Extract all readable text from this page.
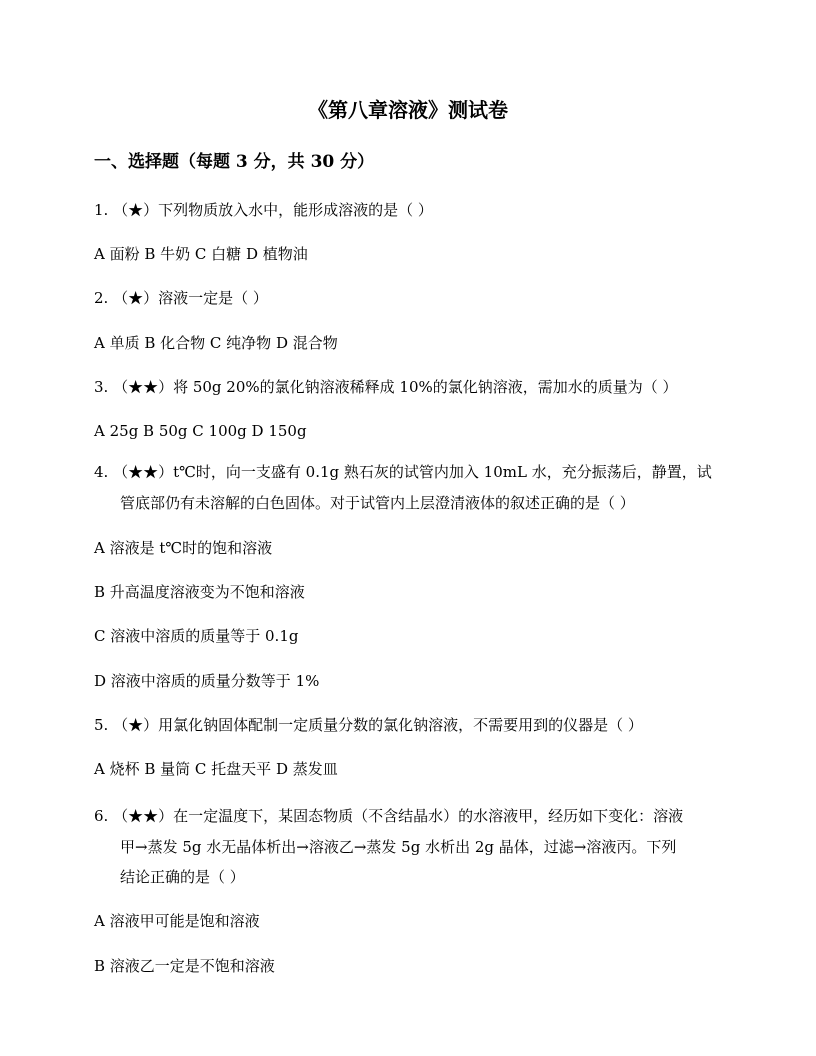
《第八章溶液》测试卷
一、选择题（每题 3 分，共 30 分）
1. （★）下列物质放入水中，能形成溶液的是（ ）
A 面粉 B 牛奶 C 白糖 D 植物油
2. （★）溶液一定是（ ）
A 单质 B 化合物 C 纯净物 D 混合物
3. （★★）将 50g 20%的氯化钠溶液稀释成 10%的氯化钠溶液，需加水的质量为（ ）
A 25g B 50g C 100g D 150g
4. （★★）t℃时，向一支盛有 0.1g 熟石灰的试管内加入 10mL 水，充分振荡后，静置，试
管底部仍有未溶解的白色固体。对于试管内上层澄清液体的叙述正确的是（ ）
A 溶液是 t℃时的饱和溶液
B 升高温度溶液变为不饱和溶液
C 溶液中溶质的质量等于 0.1g
D 溶液中溶质的质量分数等于 1%
5. （★）用氯化钠固体配制一定质量分数的氯化钠溶液，不需要用到的仪器是（ ）
A 烧杯 B 量筒 C 托盘天平 D 蒸发皿
6. （★★）在一定温度下，某固态物质（不含结晶水）的水溶液甲，经历如下变化：溶液
甲→蒸发 5g 水无晶体析出→溶液乙→蒸发 5g 水析出 2g 晶体，过滤→溶液丙。下列
结论正确的是（ ）
A 溶液甲可能是饱和溶液
B 溶液乙一定是不饱和溶液
